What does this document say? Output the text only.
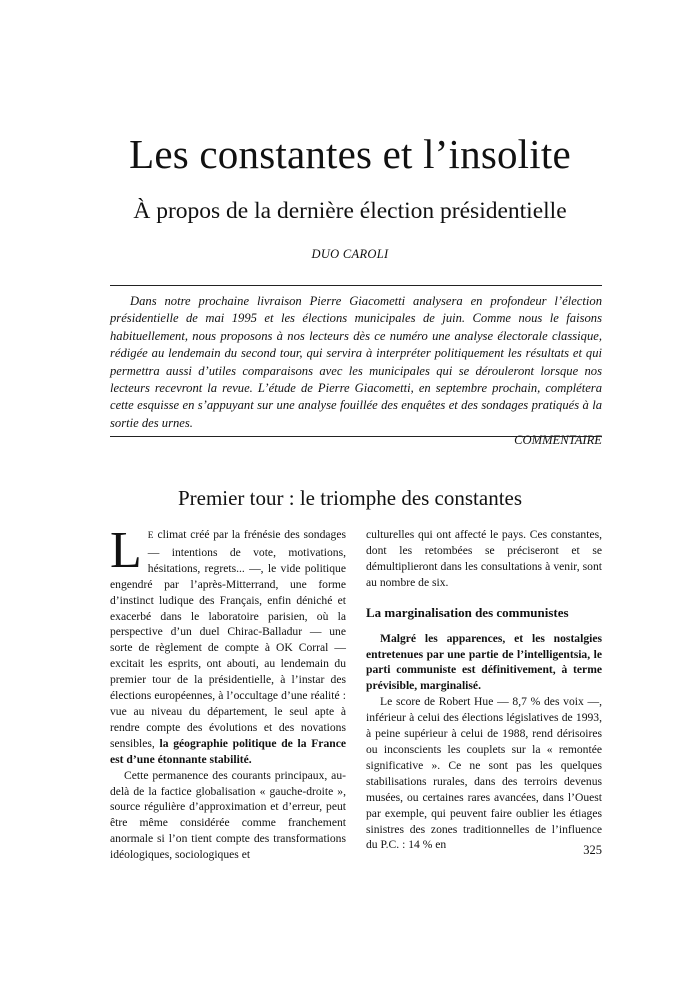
Les constantes et l’insolite
À propos de la dernière élection présidentielle
DUO CAROLI

Dans notre prochaine livraison Pierre Giacometti analysera en profondeur l’élection présidentielle de mai 1995 et les élections municipales de juin. Comme nous le faisons habituellement, nous proposons à nos lecteurs dès ce numéro une analyse électorale classique, rédigée au lendemain du second tour, qui servira à interpréter politiquement les résultats et qui permettra aussi d’utiles comparaisons avec les municipales qui se dérouleront lorsque nos lecteurs recevront la revue. L’étude de Pierre Giacometti, en septembre prochain, complétera cette esquisse en s’appuyant sur une analyse fouillée des enquêtes et des sondages pratiqués à la sortie des urnes.

COMMENTAIRE
Premier tour : le triomphe des constantes

L E climat créé par la frénésie des sondages — intentions de vote, motivations, hésitations, regrets... —, le vide politique engendré par l’après-Mitterrand, une forme d’instinct ludique des Français, enfin déniché et exacerbé dans le laboratoire parisien, où la perspective d’un duel Chirac-Balladur — une sorte de règlement de compte à OK Corral — excitait les esprits, ont abouti, au lendemain du premier tour de la présidentielle, à l’instar des élections européennes, à l’occultage d’une réalité : vue au niveau du département, le seul apte à rendre compte des évolutions et des novations sensibles, la géographie politique de la France est d’une étonnante stabilité.

Cette permanence des courants principaux, au-delà de la factice globalisation « gauche-droite », source régulière d’approximation et d’erreur, peut être même considérée comme franchement anormale si l’on tient compte des transformations idéologiques, sociologiques et

culturelles qui ont affecté le pays. Ces constantes, dont les retombées se préciseront et se démultiplieront dans les consultations à venir, sont au nombre de six.

La marginalisation des communistes

Malgré les apparences, et les nostalgies entretenues par une partie de l’intelligentsia, le parti communiste est définitivement, à terme prévisible, marginalisé.

Le score de Robert Hue — 8,7 % des voix —, inférieur à celui des élections législatives de 1993, à peine supérieur à celui de 1988, rend dérisoires ou inconscients les couplets sur la « remontée significative ». Ce ne sont pas les quelques stabilisations rurales, dans des terroirs devenus musées, ou certaines rares avancées, dans l’Ouest par exemple, qui peuvent faire oublier les étiages sinistres des zones traditionnelles de l’influence du P.C. : 14 % en	325
